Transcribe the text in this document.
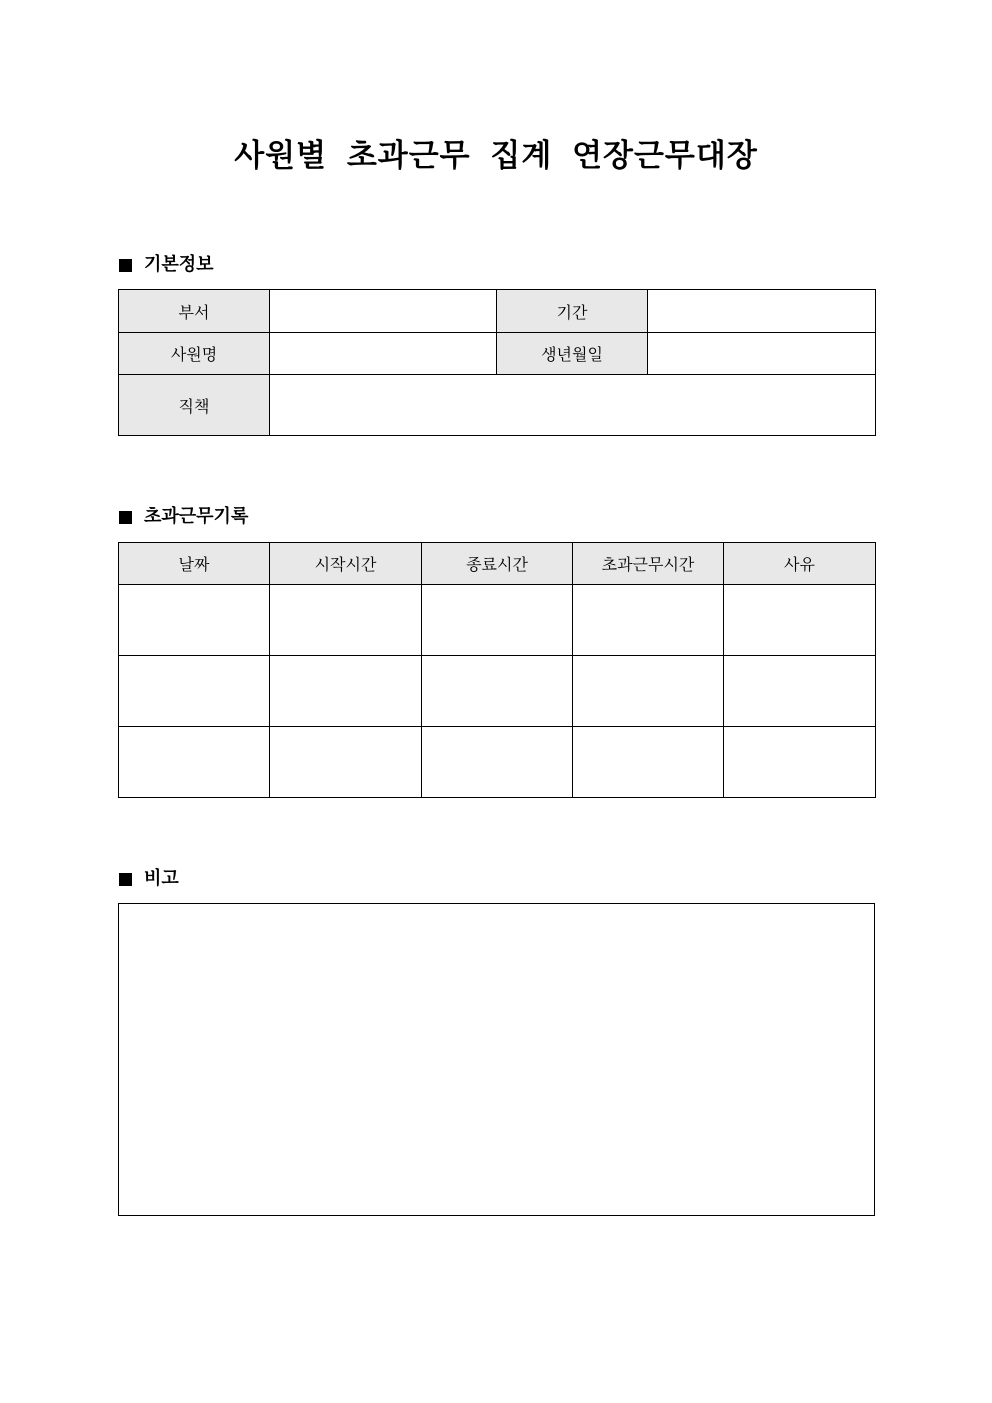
사원별 초과근무 집계 연장근무대장
기본정보
부서		기간	
사원명		생년월일	
직책			
초과근무기록
날짜	시작시간	종료시간	초과근무시간	사유

비고
